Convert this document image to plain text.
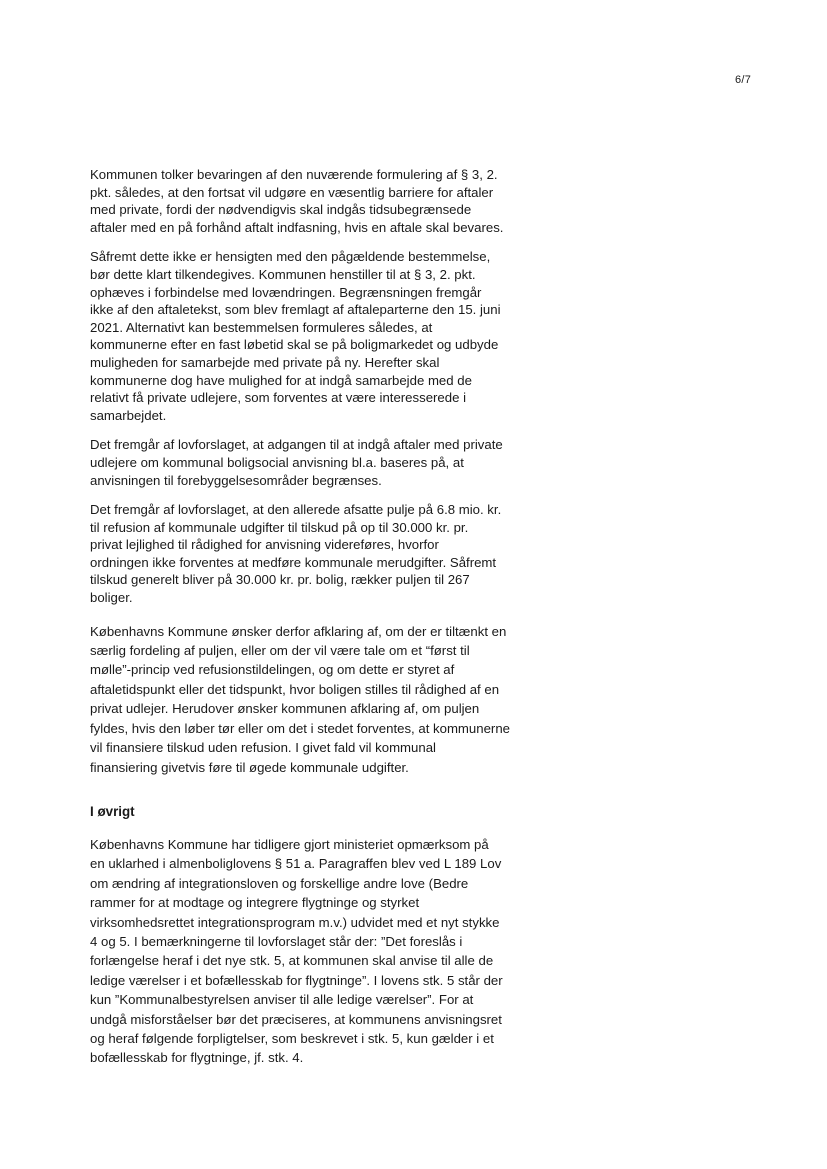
6/7

Kommunen tolker bevaringen af den nuværende formulering af § 3, 2.
pkt. således, at den fortsat vil udgøre en væsentlig barriere for aftaler
med private, fordi der nødvendigvis skal indgås tidsubegrænsede
aftaler med en på forhånd aftalt indfasning, hvis en aftale skal bevares.

Såfremt dette ikke er hensigten med den pågældende bestemmelse,
bør dette klart tilkendegives. Kommunen henstiller til at § 3, 2. pkt.
ophæves i forbindelse med lovændringen. Begrænsningen fremgår
ikke af den aftaletekst, som blev fremlagt af aftaleparterne den 15. juni
2021. Alternativt kan bestemmelsen formuleres således, at
kommunerne efter en fast løbetid skal se på boligmarkedet og udbyde
muligheden for samarbejde med private på ny. Herefter skal
kommunerne dog have mulighed for at indgå samarbejde med de
relativt få private udlejere, som forventes at være interesserede i
samarbejdet.

Det fremgår af lovforslaget, at adgangen til at indgå aftaler med private
udlejere om kommunal boligsocial anvisning bl.a. baseres på, at
anvisningen til forebyggelsesområder begrænses.

Det fremgår af lovforslaget, at den allerede afsatte pulje på 6.8 mio. kr.
til refusion af kommunale udgifter til tilskud på op til 30.000 kr. pr.
privat lejlighed til rådighed for anvisning videreføres, hvorfor
ordningen ikke forventes at medføre kommunale merudgifter. Såfremt
tilskud generelt bliver på 30.000 kr. pr. bolig, rækker puljen til 267
boliger.

Københavns Kommune ønsker derfor afklaring af, om der er tiltænkt en
særlig fordeling af puljen, eller om der vil være tale om et “først til
mølle”-princip ved refusionstildelingen, og om dette er styret af
aftaletidspunkt eller det tidspunkt, hvor boligen stilles til rådighed af en
privat udlejer. Herudover ønsker kommunen afklaring af, om puljen
fyldes, hvis den løber tør eller om det i stedet forventes, at kommunerne
vil finansiere tilskud uden refusion. I givet fald vil kommunal
finansiering givetvis føre til øgede kommunale udgifter.

I øvrigt

Københavns Kommune har tidligere gjort ministeriet opmærksom på
en uklarhed i almenboliglovens § 51 a. Paragraffen blev ved L 189 Lov
om ændring af integrationsloven og forskellige andre love (Bedre
rammer for at modtage og integrere flygtninge og styrket
virksomhedsrettet integrationsprogram m.v.) udvidet med et nyt stykke
4 og 5. I bemærkningerne til lovforslaget står der: ”Det foreslås i
forlængelse heraf i det nye stk. 5, at kommunen skal anvise til alle de
ledige værelser i et bofællesskab for flygtninge”. I lovens stk. 5 står der
kun ”Kommunalbestyrelsen anviser til alle ledige værelser”. For at
undgå misforståelser bør det præciseres, at kommunens anvisningsret
og heraf følgende forpligtelser, som beskrevet i stk. 5, kun gælder i et
bofællesskab for flygtninge, jf. stk. 4.
